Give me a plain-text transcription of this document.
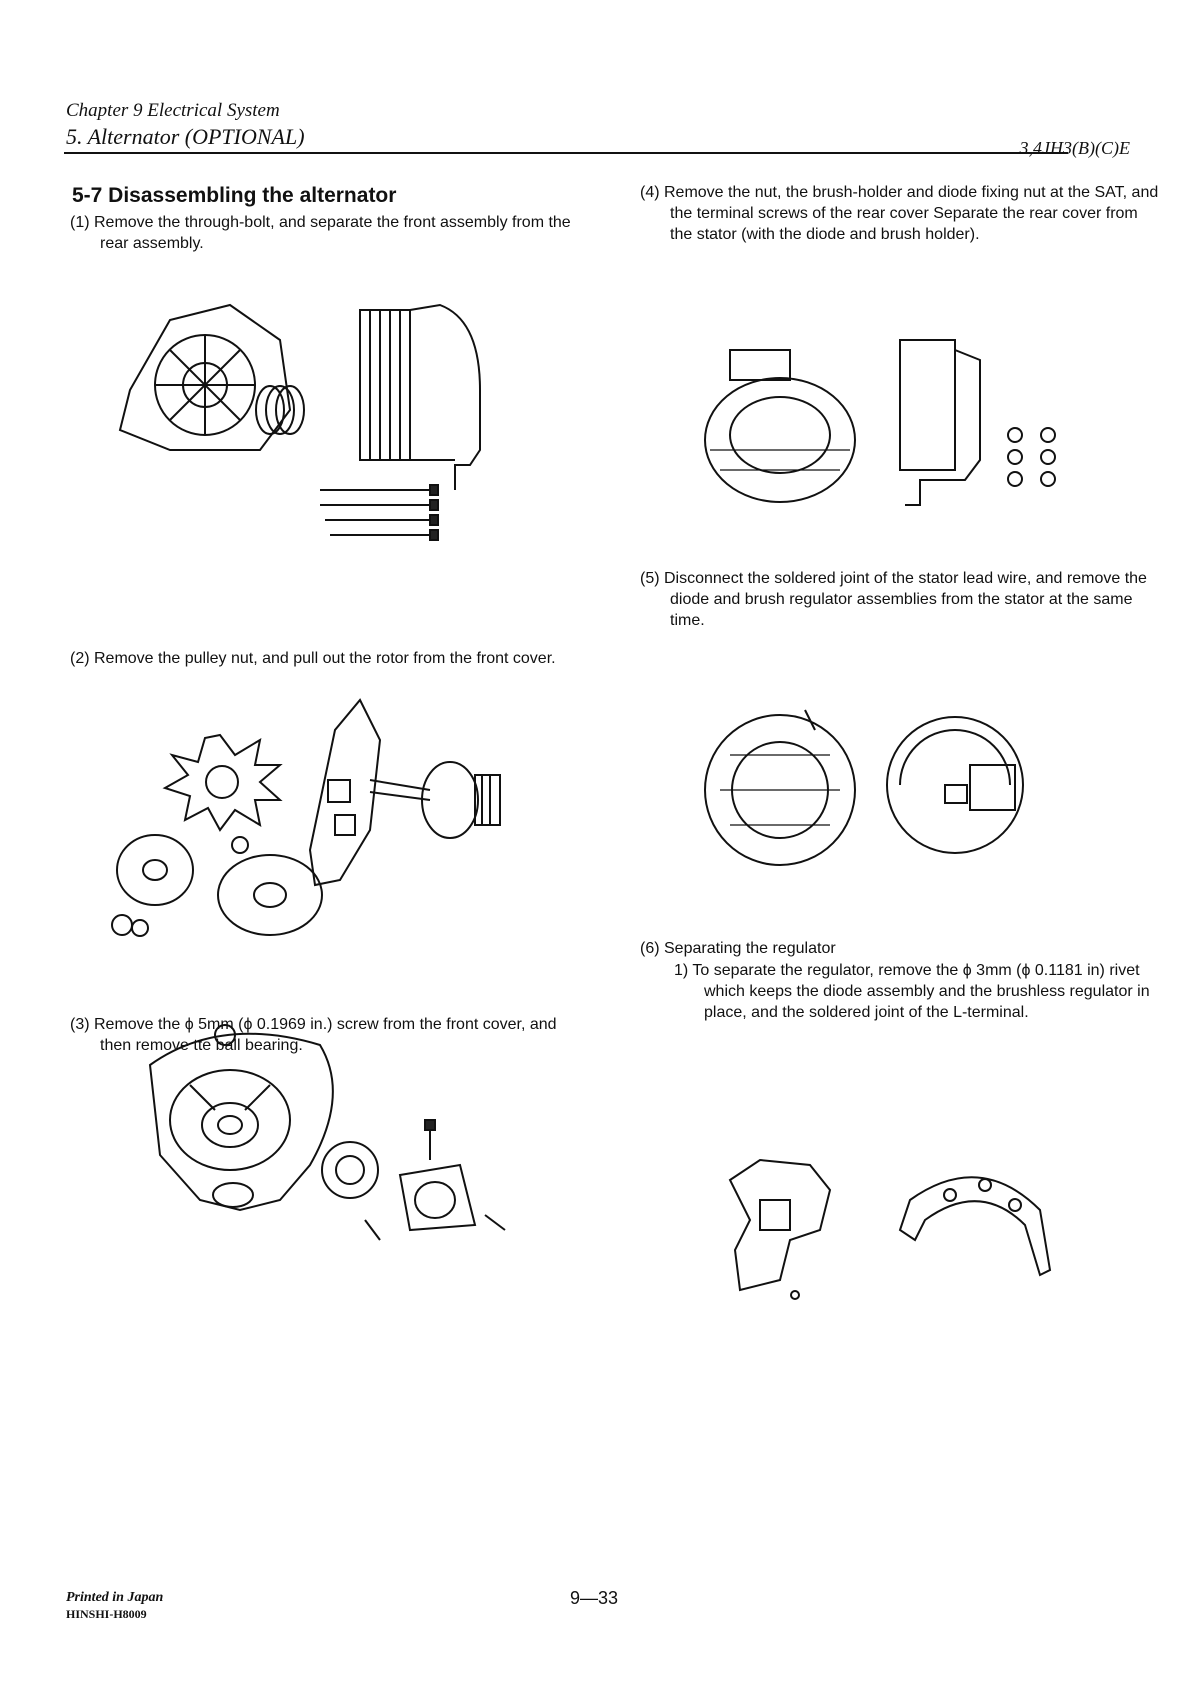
Chapter 9 Electrical System
5. Alternator (OPTIONAL)	3,4JH3(B)(C)E
5-7 Disassembling the alternator
(1) Remove the through-bolt, and separate the front assembly from the rear assembly.
(2) Remove the pulley nut, and pull out the rotor from the front cover.
(3) Remove the ϕ 5mm (ϕ 0.1969 in.) screw from the front cover, and then remove tte ball bearing.
(4) Remove the nut, the brush-holder and diode fixing nut at the SAT, and the terminal screws of the rear cover Separate the rear cover from the stator (with the diode and brush holder).
(5) Disconnect the soldered joint of the stator lead wire, and remove the diode and brush regulator assemblies from the stator at the same time.
(6) Separating the regulator
1) To separate the regulator, remove the ϕ 3mm (ϕ 0.1181 in) rivet which keeps the diode assembly and the brushless regulator in place, and the soldered joint of the L-terminal.
Printed in Japan
HINSHI-H8009
9—33
